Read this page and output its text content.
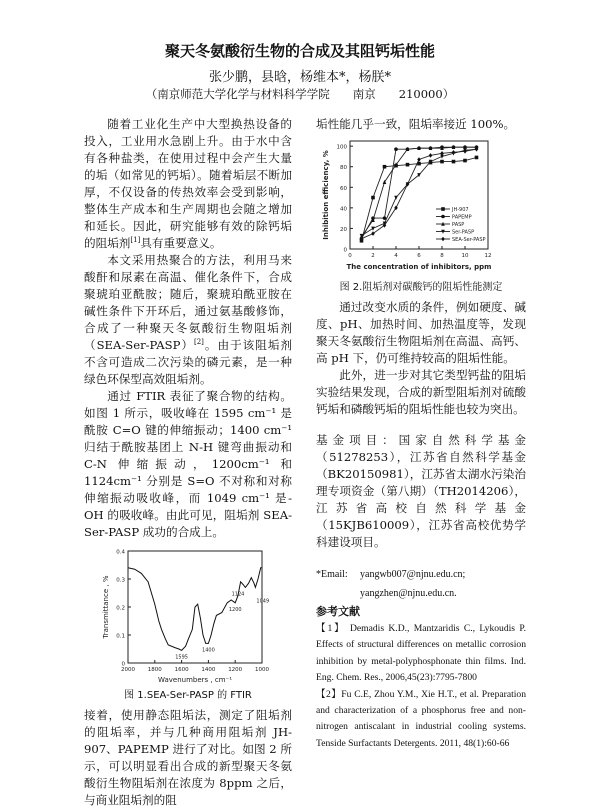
聚天冬氨酸衍生物的合成及其阻钙垢性能
张少鹏，县晗，杨维本*，杨朕*
（南京师范大学化学与材料科学学院　　南京　　210000）

随着工业化生产中大型换热设备的投入，工业用水急剧上升。由于水中含有各种盐类，在使用过程中会产生大量的垢（如常见的钙垢）。随着垢层不断加厚，不仅设备的传热效率会受到影响，整体生产成本和生产周期也会随之增加和延长。因此，研究能够有效的除钙垢的阻垢剂[1]具有重要意义。

本文采用热聚合的方法，利用马来酸酐和尿素在高温、催化条件下，合成聚琥珀亚酰胺；随后，聚琥珀酰亚胺在碱性条件下开环后，通过氨基酸修饰，合成了一种聚天冬氨酸衍生物阻垢剂（SEA-Ser-PASP）[2]。由于该阻垢剂不含可造成二次污染的磷元素，是一种绿色环保型高效阻垢剂。

通过 FTIR 表征了聚合物的结构。如图 1 所示，吸收峰在 1595 cm⁻¹ 是酰胺 C=O 键的伸缩振动；1400 cm⁻¹ 归结于酰胺基团上 N-H 键弯曲振动和 C-N 伸缩振动，1200cm⁻¹ 和 1124cm⁻¹ 分别是 S=O 不对称和对称伸缩振动吸收峰，而 1049 cm⁻¹ 是-OH 的吸收峰。由此可见，阻垢剂 SEA-Ser-PASP 成功的合成上。

2000 1800 1600 1400 1200 1000
0
0.1
0.2
0.3
0.4
Wavenumbers , cm⁻¹
Transmittance , %
1595
1400
1200
1124
1049
图 1.SEA-Ser-PASP 的 FTIR

接着，使用静态阻垢法，测定了阻垢剂的阻垢率，并与几种商用阻垢剂 JH-907、PAPEMP 进行了对比。如图 2 所示，可以明显看出合成的新型聚天冬氨酸衍生物阻垢剂在浓度为 8ppm 之后，与商业阻垢剂的阻

垢性能几乎一致，阻垢率接近 100%。

0	2	4	6	8	10	12
0
20
40
60
80
100
The concentration of inhibitors, ppm
Inhibition efficiency, %	JH-907
PAPEMP
PASP
Ser-PASP
SEA-Ser-PASP
图 2.阻垢剂对碳酸钙的阻垢性能测定

通过改变水质的条件，例如硬度、碱度、pH、加热时间、加热温度等，发现聚天冬氨酸衍生物阻垢剂在高温、高钙、高 pH 下，仍可维持较高的阻垢性能。

此外，进一步对其它类型钙盐的阻垢实验结果发现，合成的新型阻垢剂对硫酸钙垢和磷酸钙垢的阻垢性能也较为突出。

基金项目：国家自然科学基金（51278253），江苏省自然科学基金（BK20150981），江苏省太湖水污染治理专项资金（第八期）（TH2014206），江苏省高校自然科学基金（15KJB610009），江苏省高校优势学科建设项目。

*Email: yangwb007@njnu.edu.cn;
yangzhen@njnu.edu.cn.
参考文献
【1】 Demadis K.D., Mantzaridis C., Lykoudis P. Effects of structural differences on metallic corrosion inhibition by metal-polyphosphonate thin films. Ind. Eng. Chem. Res., 2006,45(23):7795-7800
【2】Fu C.E, Zhou Y.M., Xie H.T., et al. Preparation and characterization of a phosphorus free and non-nitrogen antiscalant in industrial cooling systems. Tenside Surfactants Detergents. 2011, 48(1):60-66
